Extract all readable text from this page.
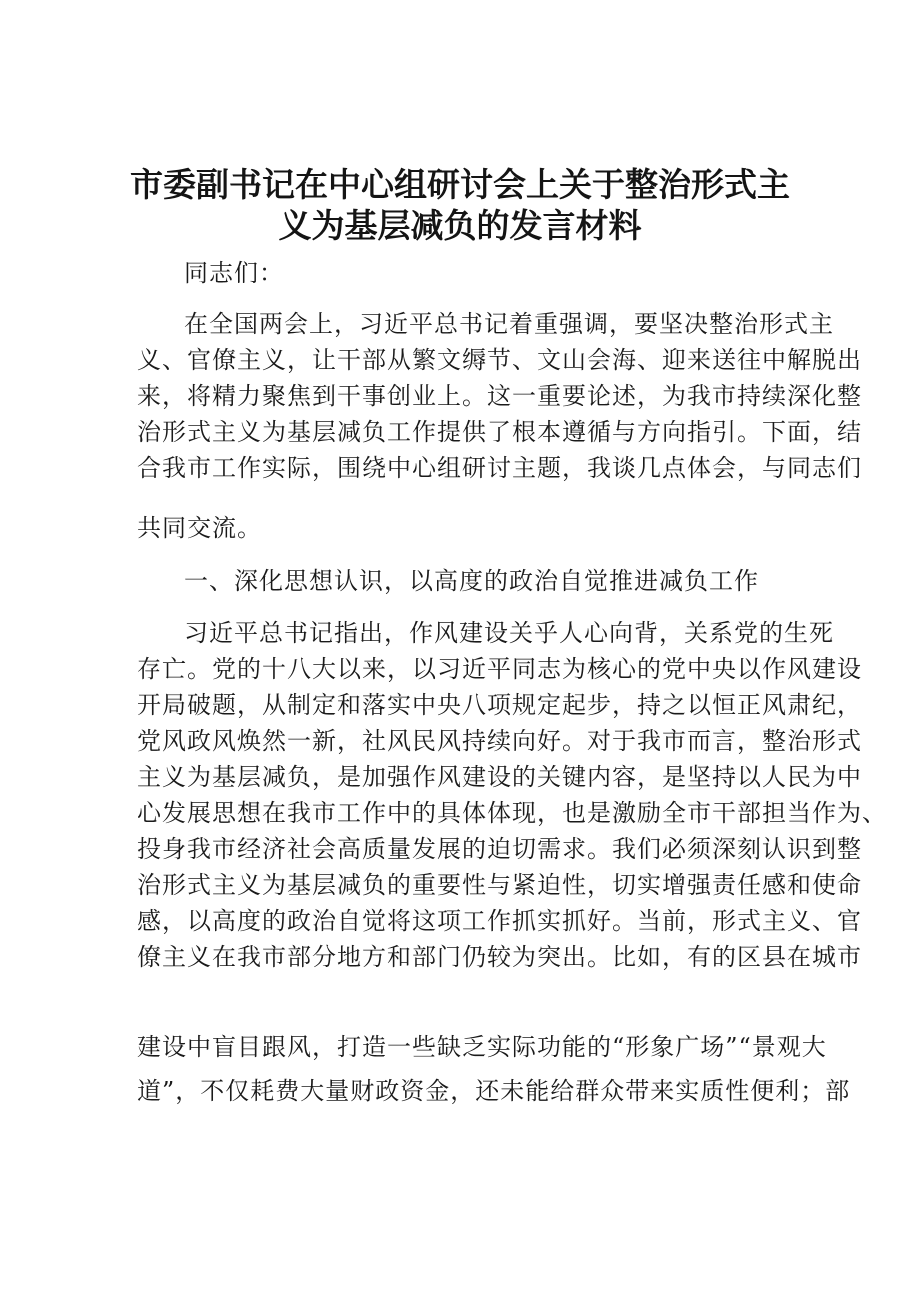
市委副书记在中心组研讨会上关于整治形式主
义为基层减负的发言材料
同志们：
在全国两会上，习近平总书记着重强调，要坚决整治形式主
义、官僚主义，让干部从繁文缛节、文山会海、迎来送往中解脱出
来，将精力聚焦到干事创业上。这一重要论述，为我市持续深化整
治形式主义为基层减负工作提供了根本遵循与方向指引。下面，结
合我市工作实际，围绕中心组研讨主题，我谈几点体会，与同志们
共同交流。
一、深化思想认识，以高度的政治自觉推进减负工作
习近平总书记指出，作风建设关乎人心向背，关系党的生死
存亡。党的十八大以来，以习近平同志为核心的党中央以作风建设
开局破题，从制定和落实中央八项规定起步，持之以恒正风肃纪，
党风政风焕然一新，社风民风持续向好。对于我市而言，整治形式
主义为基层减负，是加强作风建设的关键内容，是坚持以人民为中
心发展思想在我市工作中的具体体现，也是激励全市干部担当作为、
投身我市经济社会高质量发展的迫切需求。我们必须深刻认识到整
治形式主义为基层减负的重要性与紧迫性，切实增强责任感和使命
感，以高度的政治自觉将这项工作抓实抓好。当前，形式主义、官
僚主义在我市部分地方和部门仍较为突出。比如，有的区县在城市
建设中盲目跟风，打造一些缺乏实际功能的“形象广场”“景观大
道”，不仅耗费大量财政资金，还未能给群众带来实质性便利；部
